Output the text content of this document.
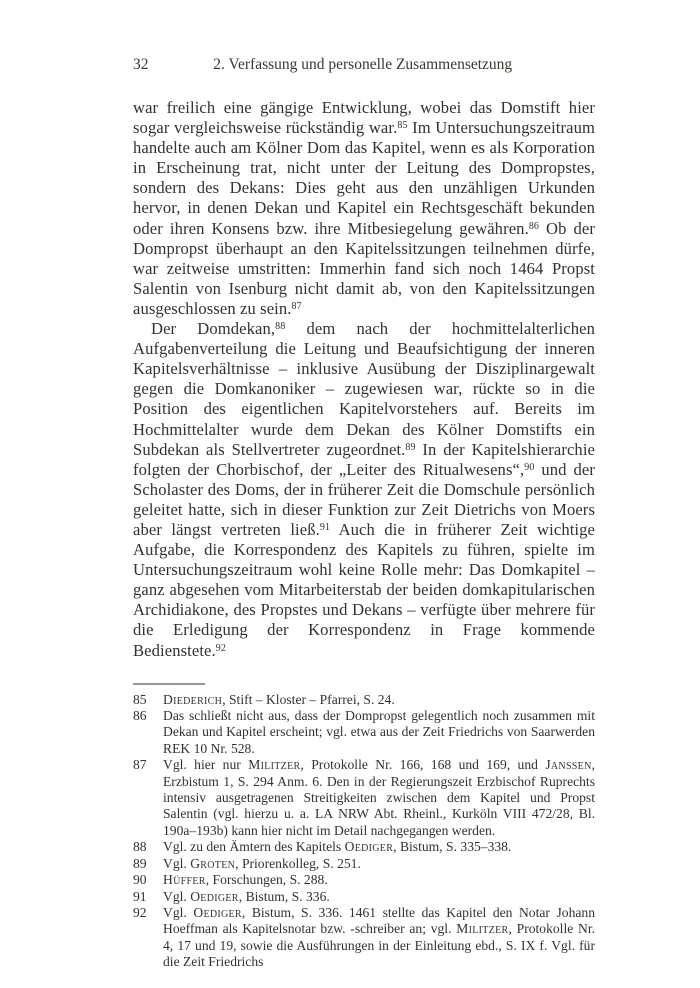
32	2. Verfassung und personelle Zusammensetzung

war freilich eine gängige Entwicklung, wobei das Domstift hier sogar vergleichsweise rückständig war.$^{85}$ Im Untersuchungszeitraum handelte auch am Kölner Dom das Kapitel, wenn es als Korporation in Erscheinung trat, nicht unter der Leitung des Dompropstes, sondern des Dekans: Dies geht aus den unzähligen Urkunden hervor, in denen Dekan und Kapitel ein Rechtsgeschäft bekunden oder ihren Konsens bzw. ihre Mitbesiegelung gewähren.$^{86}$ Ob der Dompropst überhaupt an den Kapitelssitzungen teilnehmen dürfe, war zeitweise umstritten: Immerhin fand sich noch 1464 Propst Salentin von Isenburg nicht damit ab, von den Kapitelssitzungen ausgeschlossen zu sein.$^{87}$

Der Domdekan,$^{88}$ dem nach der hochmittelalterlichen Aufgabenverteilung die Leitung und Beaufsichtigung der inneren Kapitelsverhältnisse – inklusive Ausübung der Disziplinargewalt gegen die Domkanoniker – zugewiesen war, rückte so in die Position des eigentlichen Kapitelvorstehers auf. Bereits im Hochmittelalter wurde dem Dekan des Kölner Domstifts ein Subdekan als Stellvertreter zugeordnet.$^{89}$ In der Kapitelshierarchie folgten der Chorbischof, der „Leiter des Ritualwesens“,$^{90}$ und der Scholaster des Doms, der in früherer Zeit die Domschule persönlich geleitet hatte, sich in dieser Funktion zur Zeit Dietrichs von Moers aber längst vertreten ließ.$^{91}$ Auch die in früherer Zeit wichtige Aufgabe, die Korrespondenz des Kapitels zu führen, spielte im Untersuchungszeitraum wohl keine Rolle mehr: Das Domkapitel – ganz abgesehen vom Mitarbeiterstab der beiden domkapitularischen Archidiakone, des Propstes und Dekans – verfügte über mehrere für die Erledigung der Korrespondenz in Frage kommende Bedienstete.$^{92}$

85	Diederich, Stift – Kloster – Pfarrei, S. 24.
86	Das schließt nicht aus, dass der Dompropst gelegentlich noch zusammen mit Dekan und Kapitel erscheint; vgl. etwa aus der Zeit Friedrichs von Saarwerden REK 10 Nr. 528.
87	Vgl. hier nur Militzer, Protokolle Nr. 166, 168 und 169, und Janssen, Erzbistum 1, S. 294 Anm. 6. Den in der Regierungszeit Erzbischof Ruprechts intensiv ausgetragenen Streitigkeiten zwischen dem Kapitel und Propst Salentin (vgl. hierzu u. a. LA NRW Abt. Rheinl., Kurköln VIII 472/28, Bl. 190a–193b) kann hier nicht im Detail nachgegangen werden.
88	Vgl. zu den Ämtern des Kapitels Oediger, Bistum, S. 335–338.
89	Vgl. Groten, Priorenkolleg, S. 251.
90	Hüffer, Forschungen, S. 288.
91	Vgl. Oediger, Bistum, S. 336.
92	Vgl. Oediger, Bistum, S. 336. 1461 stellte das Kapitel den Notar Johann Hoeffman als Kapitelsnotar bzw. -schreiber an; vgl. Militzer, Protokolle Nr. 4, 17 und 19, sowie die Ausführungen in der Einleitung ebd., S. IX f. Vgl. für die Zeit Friedrichs
